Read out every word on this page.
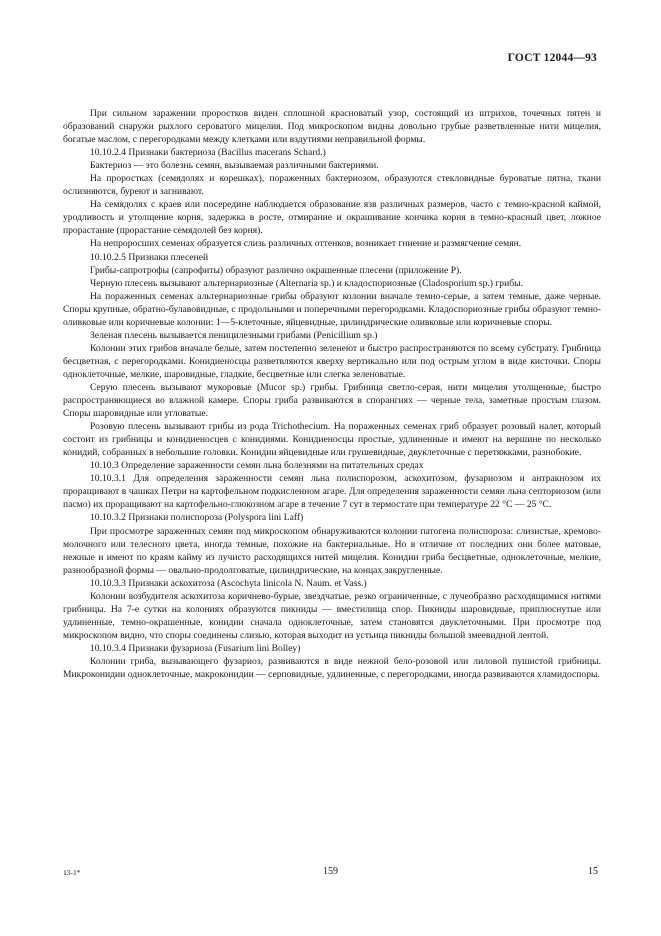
ГОСТ 12044—93

При сильном заражении проростков виден сплошной красноватый узор, состоящий из штрихов, точечных пятен и образований снаружи рыхлого сероватого мицелия. Под микроскопом видны довольно грубые разветвленные нити мицелия, богатые маслом, с перегородками между клетками или вздутиями неправильной формы.

10.10.2.4 Признаки бактериоза (Bacillus macerans Schard.)

Бактериоз — это болезнь семян, вызываемая различными бактериями.

На проростках (семядолях и корешках), пораженных бактериозом, образуются стекловидные буроватые пятна, ткани ослизняются, буреют и загнивают.

На семядолях с краев или посередине наблюдается образование язв различных размеров, часто с темно-красной каймой, уродливость и утолщение корня, задержка в росте, отмирание и окрашивание кончика корня в темно-красный цвет, ложное прорастание (прорастание семядолей без корня).

На непроросших семенах образуется слизь различных оттенков, возникает гниение и размягчение семян.

10.10.2.5 Признаки плесеней

Грибы-сапротрофы (сапрофиты) образуют различно окрашенные плесени (приложение Р).

Черную плесень вызывают альтернариозные (Alternaria sp.) и кладоспориозные (Cladosporium sp.) грибы.

На пораженных семенах альтернариозные грибы образуют колонии вначале темно-серые, а затем темные, даже черные. Споры крупные, обратно-булавовидные, с продольными и поперечными перегородками. Кладоспориозные грибы образуют темно-оливковые или коричневые колонии: 1—5-клеточные, яйцевидные, цилиндрические оливковые или коричневые споры.

Зеленая плесень вызывается пеницилезными грибами (Penicillium sp.)

Колонии этих грибов вначале белые, затем постепенно зеленеют и быстро распространяются по всему субстрату. Грибница бесцветная, с перегородками. Конидиеносцы разветвляются кверху вертикально или под острым углом в виде кисточки. Споры одноклеточные, мелкие, шаровидные, гладкие, бесцветные или слегка зеленоватые.

Серую плесень вызывают мукоровые (Mucor sp.) грибы. Грибница светло-серая, нити мицелия утолщенные, быстро распространяющиеся во влажной камере. Споры гриба развиваются в спорангиях — черные тела, заметные простым глазом. Споры шаровидные или угловатые.

Розовую плесень вызывают грибы из рода Trichothecium. На пораженных семенах гриб образует розовый налет, который состоит из грибницы и конидиеносцев с конидиями. Конидиеносцы простые, удлиненные и имеют на вершине по несколько конидий, собранных в небольшие головки. Конидии яйцевидные или грушевидные, двуклеточные с перетяжками, разнобокие.

10.10.3 Определение зараженности семян льна болезнями на питательных средах

10.10.3.1 Для определения зараженности семян льна полиспорозом, аскохитозом, фузариозом и антракнозом их проращивают в чашках Петри на картофельном подкисленном агаре. Для определения зараженности семян льна септориозом (или пасмо) их проращивают на картофельно-глюкозном агаре в течение 7 сут в термостате при температуре 22 °С — 25 °С.

10.10.3.2 Признаки полиспороза (Polyspora lini Laff)

При просмотре зараженных семян под микроскопом обнаруживаются колонии патогена полиспороза: слизистые, кремово-молочного или телесного цвета, иногда темные, похожие на бактериальные. Но в отличие от последних они более матовые, нежные и имеют по краям кайму из лучисто расходящихся нитей мицелия. Конидии гриба бесцветные, одноклеточные, мелкие, разнообразной формы — овально-продолговатые, цилиндрические, на концах закругленные.

10.10.3.3 Признаки аскохитоза (Ascochyta linicola N. Naum. et Vass.)

Колонии возбудителя аскохитоза коричнево-бурые, звездчатые, резко ограниченные, с лучеобразно расходящимися нитями грибницы. На 7-е сутки на колониях образуются пикниды — вместилища спор. Пикниды шаровидные, приплюснутые или удлиненные, темно-окрашенные, конидии сначала одноклеточные, затем становятся двуклеточными. При просмотре под микроскопом видно, что споры соединены слизью, которая выходит из устьица пикниды большой змеевидной лентой.

10.10.3.4 Признаки фузариоза (Fusarium lini Bolley)

Колонии гриба, вызывающего фузариоз, развиваются в виде нежной бело-розовой или лиловой пушистой грибницы. Микроконидии одноклеточные, макроконидии — серповидные, удлиненные, с перегородками, иногда развиваются хламидоспоры.

13-1*	159	15
